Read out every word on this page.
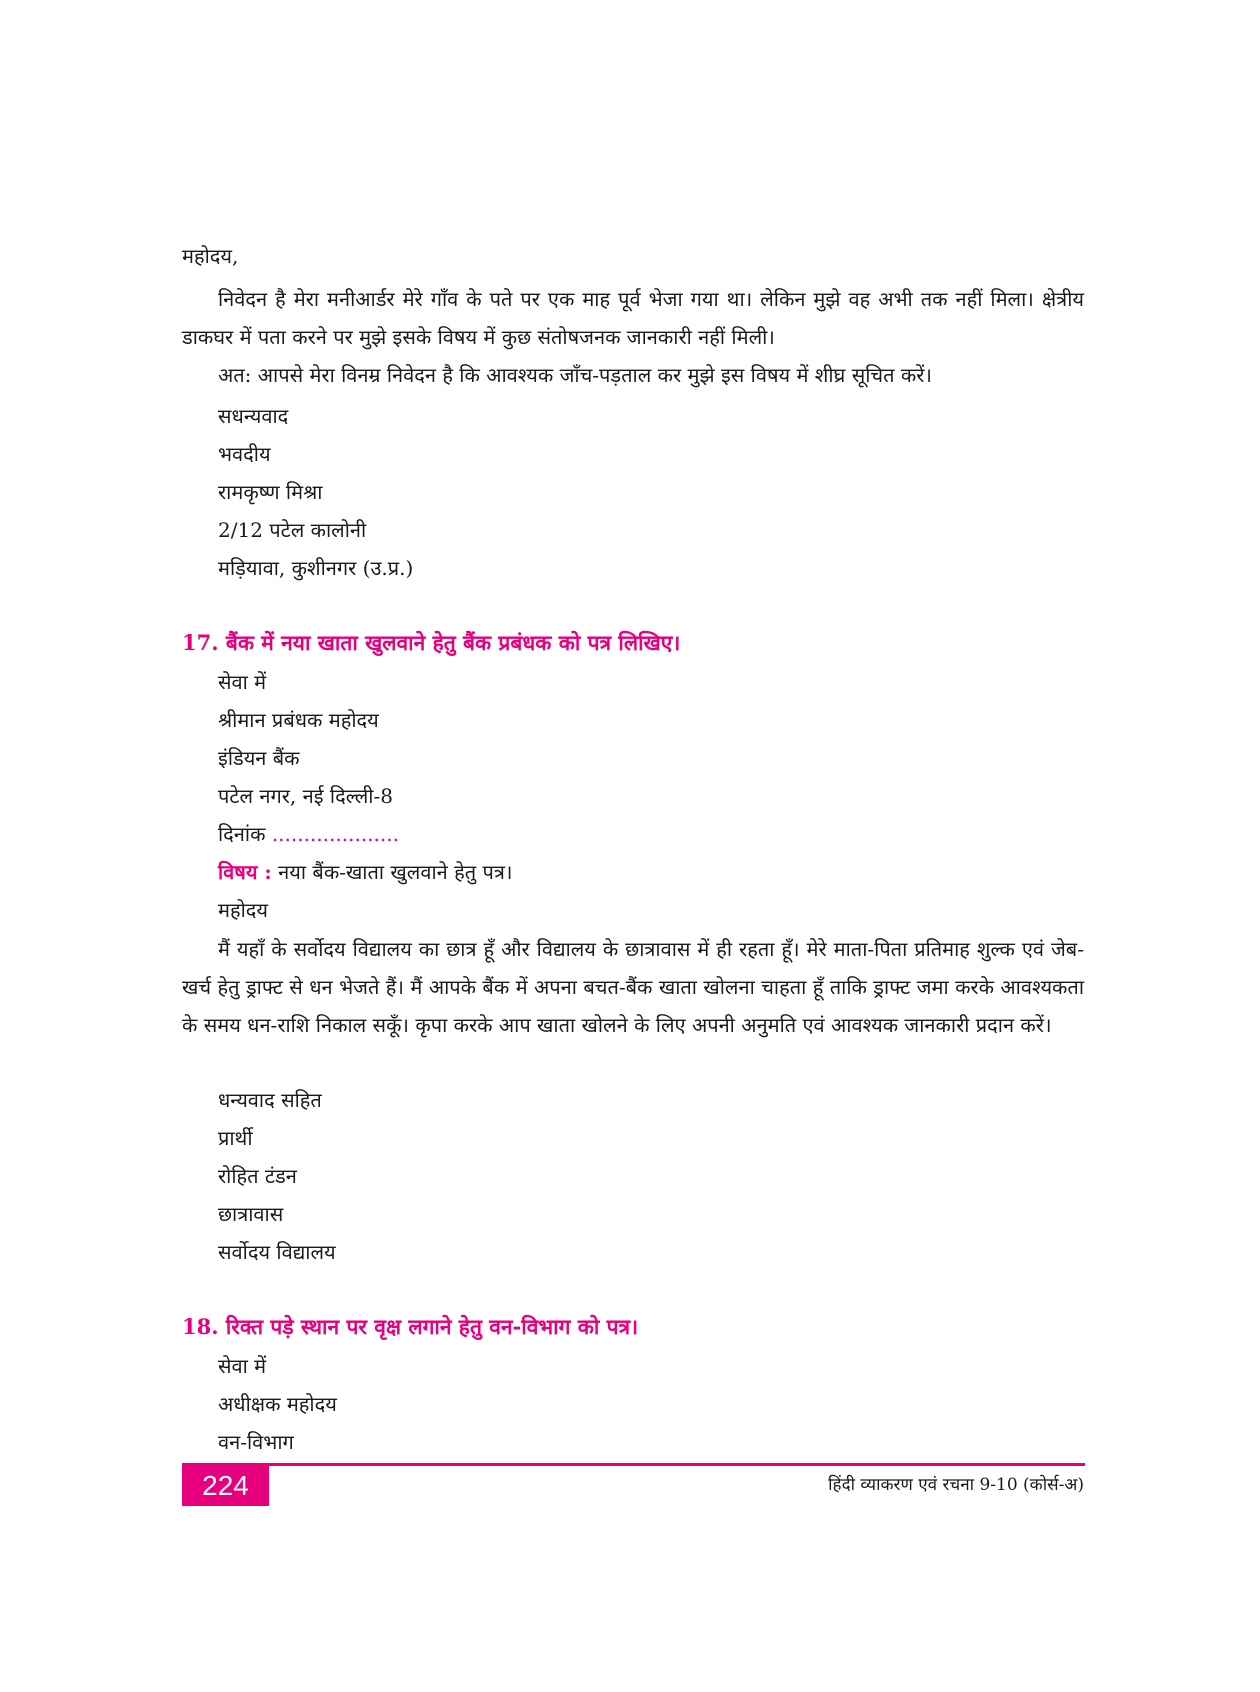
महोदय,
निवेदन है मेरा मनीआर्डर मेरे गाँव के पते पर एक माह पूर्व भेजा गया था। लेकिन मुझे वह अभी तक नहीं मिला। क्षेत्रीय डाकघर में पता करने पर मुझे इसके विषय में कुछ संतोषजनक जानकारी नहीं मिली।
अत: आपसे मेरा विनम्र निवेदन है कि आवश्यक जाँच-पड़ताल कर मुझे इस विषय में शीघ्र सूचित करें।
सधन्यवाद
भवदीय
रामकृष्ण मिश्रा
2/12 पटेल कालोनी
मड़ियावा, कुशीनगर (उ.प्र.)
17. बैंक में नया खाता खुलवाने हेतु बैंक प्रबंधक को पत्र लिखिए।
सेवा में
श्रीमान प्रबंधक महोदय
इंडियन बैंक
पटेल नगर, नई दिल्ली-8
दिनांक ....................
विषय : नया बैंक-खाता खुलवाने हेतु पत्र।
महोदय
मैं यहाँ के सर्वोदय विद्यालय का छात्र हूँ और विद्यालय के छात्रावास में ही रहता हूँ। मेरे माता-पिता प्रतिमाह शुल्क एवं जेब-खर्च हेतु ड्राफ्ट से धन भेजते हैं। मैं आपके बैंक में अपना बचत-बैंक खाता खोलना चाहता हूँ ताकि ड्राफ्ट जमा करके आवश्यकता के समय धन-राशि निकाल सकूँ। कृपा करके आप खाता खोलने के लिए अपनी अनुमति एवं आवश्यक जानकारी प्रदान करें।
धन्यवाद सहित
प्रार्थी
रोहित टंडन
छात्रावास
सर्वोदय विद्यालय
18. रिक्त पड़े स्थान पर वृक्ष लगाने हेतु वन-विभाग को पत्र।
सेवा में
अधीक्षक महोदय
वन-विभाग
224	हिंदी व्याकरण एवं रचना 9-10 (कोर्स-अ)
